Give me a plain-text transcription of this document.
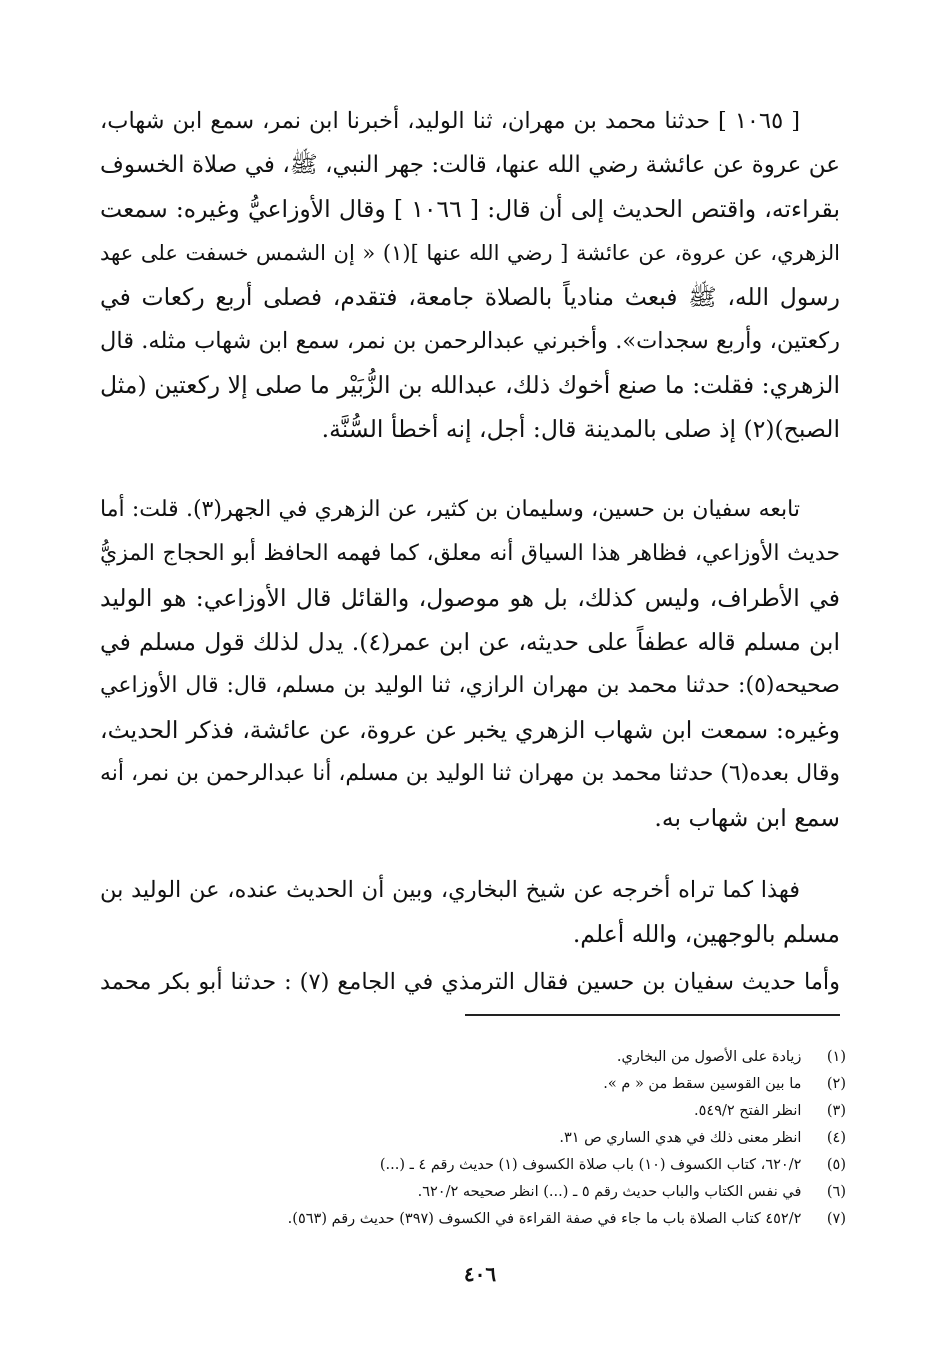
[ ١٠٦٥ ] حدثنا محمد بن مهران، ثنا الوليد، أخبرنا ابن نمر، سمع ابن شهاب،
عن عروة عن عائشة رضي الله عنها، قالت: جهر النبي، ﷺ، في صلاة الخسوف
بقراءته، واقتص الحديث إلى أن قال: [ ١٠٦٦ ] وقال الأوزاعيُّ وغيره: سمعت
الزهري، عن عروة، عن عائشة [ رضي الله عنها ](١) « إن الشمس خسفت على عهد
رسول الله، ﷺ فبعث منادياً بالصلاة جامعة، فتقدم، فصلى أربع ركعات في
ركعتين، وأربع سجدات». وأخبرني عبدالرحمن بن نمر، سمع ابن شهاب مثله. قال
الزهري: فقلت: ما صنع أخوك ذلك، عبدالله بن الزُّبَيْر ما صلى إلا ركعتين (مثل
الصبح)(٢) إذ صلى بالمدينة قال: أجل، إنه أخطأ السُّنَّة.
تابعه سفيان بن حسين، وسليمان بن كثير، عن الزهري في الجهر(٣). قلت: أما
حديث الأوزاعي، فظاهر هذا السياق أنه معلق، كما فهمه الحافظ أبو الحجاج المزيُّ
في الأطراف، وليس كذلك، بل هو موصول، والقائل قال الأوزاعي: هو الوليد
ابن مسلم قاله عطفاً على حديثه، عن ابن عمر(٤). يدل لذلك قول مسلم في
صحيحه(٥): حدثنا محمد بن مهران الرازي، ثنا الوليد بن مسلم، قال: قال الأوزاعي
وغيره: سمعت ابن شهاب الزهري يخبر عن عروة، عن عائشة، فذكر الحديث،
وقال بعده(٦) حدثنا محمد بن مهران ثنا الوليد بن مسلم، أنا عبدالرحمن بن نمر، أنه
سمع ابن شهاب به.
فهذا كما تراه أخرجه عن شيخ البخاري، وبين أن الحديث عنده، عن الوليد بن
مسلم بالوجهين، والله أعلم.
وأما حديث سفيان بن حسين فقال الترمذي في الجامع (٧) : حدثنا أبو بكر محمد
(١) زيادة على الأصول من البخاري.
(٢) ما بين القوسين سقط من « م ».
(٣) انظر الفتح ٥٤٩/٢.
(٤) انظر معنى ذلك في هدي الساري ص ٣١.
(٥) ٦٢٠/٢، كتاب الكسوف (١٠) باب صلاة الكسوف (١) حديث رقم ٤ ـ (...)
(٦) في نفس الكتاب والباب حديث رقم ٥ ـ (...) انظر صحيحه ٦٢٠/٢.
(٧) ٤٥٢/٢ كتاب الصلاة باب ما جاء في صفة القراءة في الكسوف (٣٩٧) حديث رقم (٥٦٣).
٤٠٦
